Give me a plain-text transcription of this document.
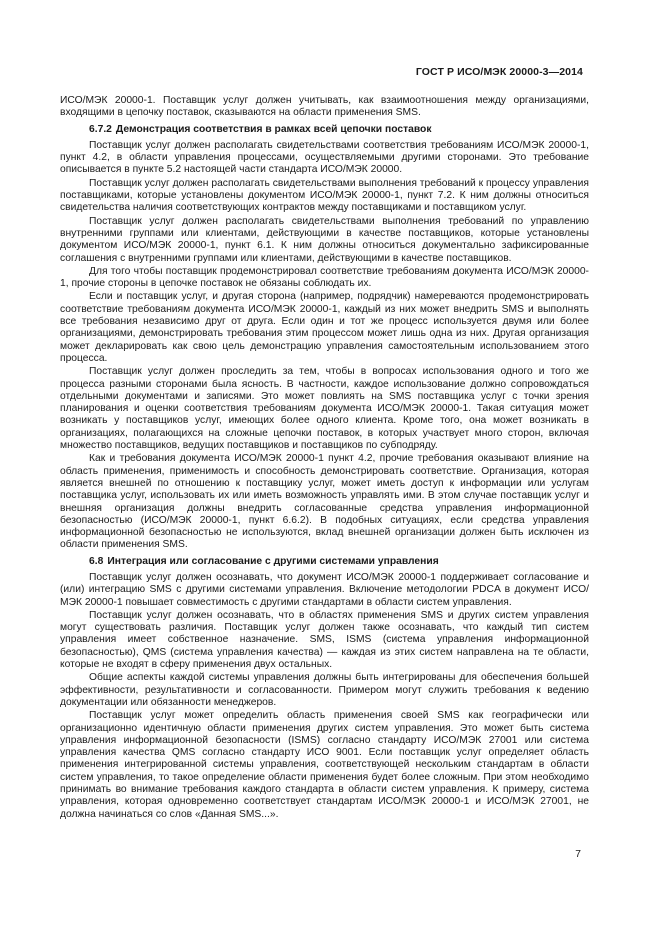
ГОСТ Р ИСО/МЭК 20000-3—2014
ИСО/МЭК 20000-1. Поставщик услуг должен учитывать, как взаимоотношения между организациями, входящими в цепочку поставок, сказываются на области применения SMS.
6.7.2 Демонстрация соответствия в рамках всей цепочки поставок
Поставщик услуг должен располагать свидетельствами соответствия требованиям ИСО/МЭК 20000-1, пункт 4.2, в области управления процессами, осуществляемыми другими сторонами. Это требование описывается в пункте 5.2 настоящей части стандарта ИСО/МЭК 20000.
Поставщик услуг должен располагать свидетельствами выполнения требований к процессу управления поставщиками, которые установлены документом ИСО/МЭК 20000-1, пункт 7.2. К ним должны относиться свидетельства наличия соответствующих контрактов между поставщиками и поставщиком услуг.
Поставщик услуг должен располагать свидетельствами выполнения требований по управлению внутренними группами или клиентами, действующими в качестве поставщиков, которые установлены документом ИСО/МЭК 20000-1, пункт 6.1. К ним должны относиться документально зафиксированные соглашения с внутренними группами или клиентами, действующими в качестве поставщиков.
Для того чтобы поставщик продемонстрировал соответствие требованиям документа ИСО/МЭК 20000-1, прочие стороны в цепочке поставок не обязаны соблюдать их.
Если и поставщик услуг, и другая сторона (например, подрядчик) намереваются продемонстрировать соответствие требованиям документа ИСО/МЭК 20000-1, каждый из них может внедрить SMS и выполнять все требования независимо друг от друга. Если один и тот же процесс используется двумя или более организациями, демонстрировать требования этим процессом может лишь одна из них. Другая организация может декларировать как свою цель демонстрацию управления самостоятельным использованием этого процесса.
Поставщик услуг должен проследить за тем, чтобы в вопросах использования одного и того же процесса разными сторонами была ясность. В частности, каждое использование должно сопровождаться отдельными документами и записями. Это может повлиять на SMS поставщика услуг с точки зрения планирования и оценки соответствия требованиям документа ИСО/МЭК 20000-1. Такая ситуация может возникать у поставщиков услуг, имеющих более одного клиента. Кроме того, она может возникать в организациях, полагающихся на сложные цепочки поставок, в которых участвует много сторон, включая множество поставщиков, ведущих поставщиков и поставщиков по субподряду.
Как и требования документа ИСО/МЭК 20000-1 пункт 4.2, прочие требования оказывают влияние на область применения, применимость и способность демонстрировать соответствие. Организация, которая является внешней по отношению к поставщику услуг, может иметь доступ к информации или услугам поставщика услуг, использовать их или иметь возможность управлять ими. В этом случае поставщик услуг и внешняя организация должны внедрить согласованные средства управления информационной безопасностью (ИСО/МЭК 20000-1, пункт 6.6.2). В подобных ситуациях, если средства управления информационной безопасностью не используются, вклад внешней организации должен быть исключен из области применения SMS.
6.8 Интеграция или согласование с другими системами управления
Поставщик услуг должен осознавать, что документ ИСО/МЭК 20000-1 поддерживает согласование и (или) интеграцию SMS с другими системами управления. Включение методологии PDCA в документ ИСО/МЭК 20000-1 повышает совместимость с другими стандартами в области систем управления.
Поставщик услуг должен осознавать, что в областях применения SMS и других систем управления могут существовать различия. Поставщик услуг должен также осознавать, что каждый тип систем управления имеет собственное назначение. SMS, ISMS (система управления информационной безопасностью), QMS (система управления качества) — каждая из этих систем направлена на те области, которые не входят в сферу применения двух остальных.
Общие аспекты каждой системы управления должны быть интегрированы для обеспечения большей эффективности, результативности и согласованности. Примером могут служить требования к ведению документации или обязанности менеджеров.
Поставщик услуг может определить область применения своей SMS как географически или организационно идентичную области применения других систем управления. Это может быть система управления информационной безопасности (ISMS) согласно стандарту ИСО/МЭК 27001 или система управления качества QMS согласно стандарту ИСО 9001. Если поставщик услуг определяет область применения интегрированной системы управления, соответствующей нескольким стандартам в области систем управления, то такое определение области применения будет более сложным. При этом необходимо принимать во внимание требования каждого стандарта в области систем управления. К примеру, система управления, которая одновременно соответствует стандартам ИСО/МЭК 20000-1 и ИСО/МЭК 27001, не должна начинаться со слов «Данная SMS...».
7
